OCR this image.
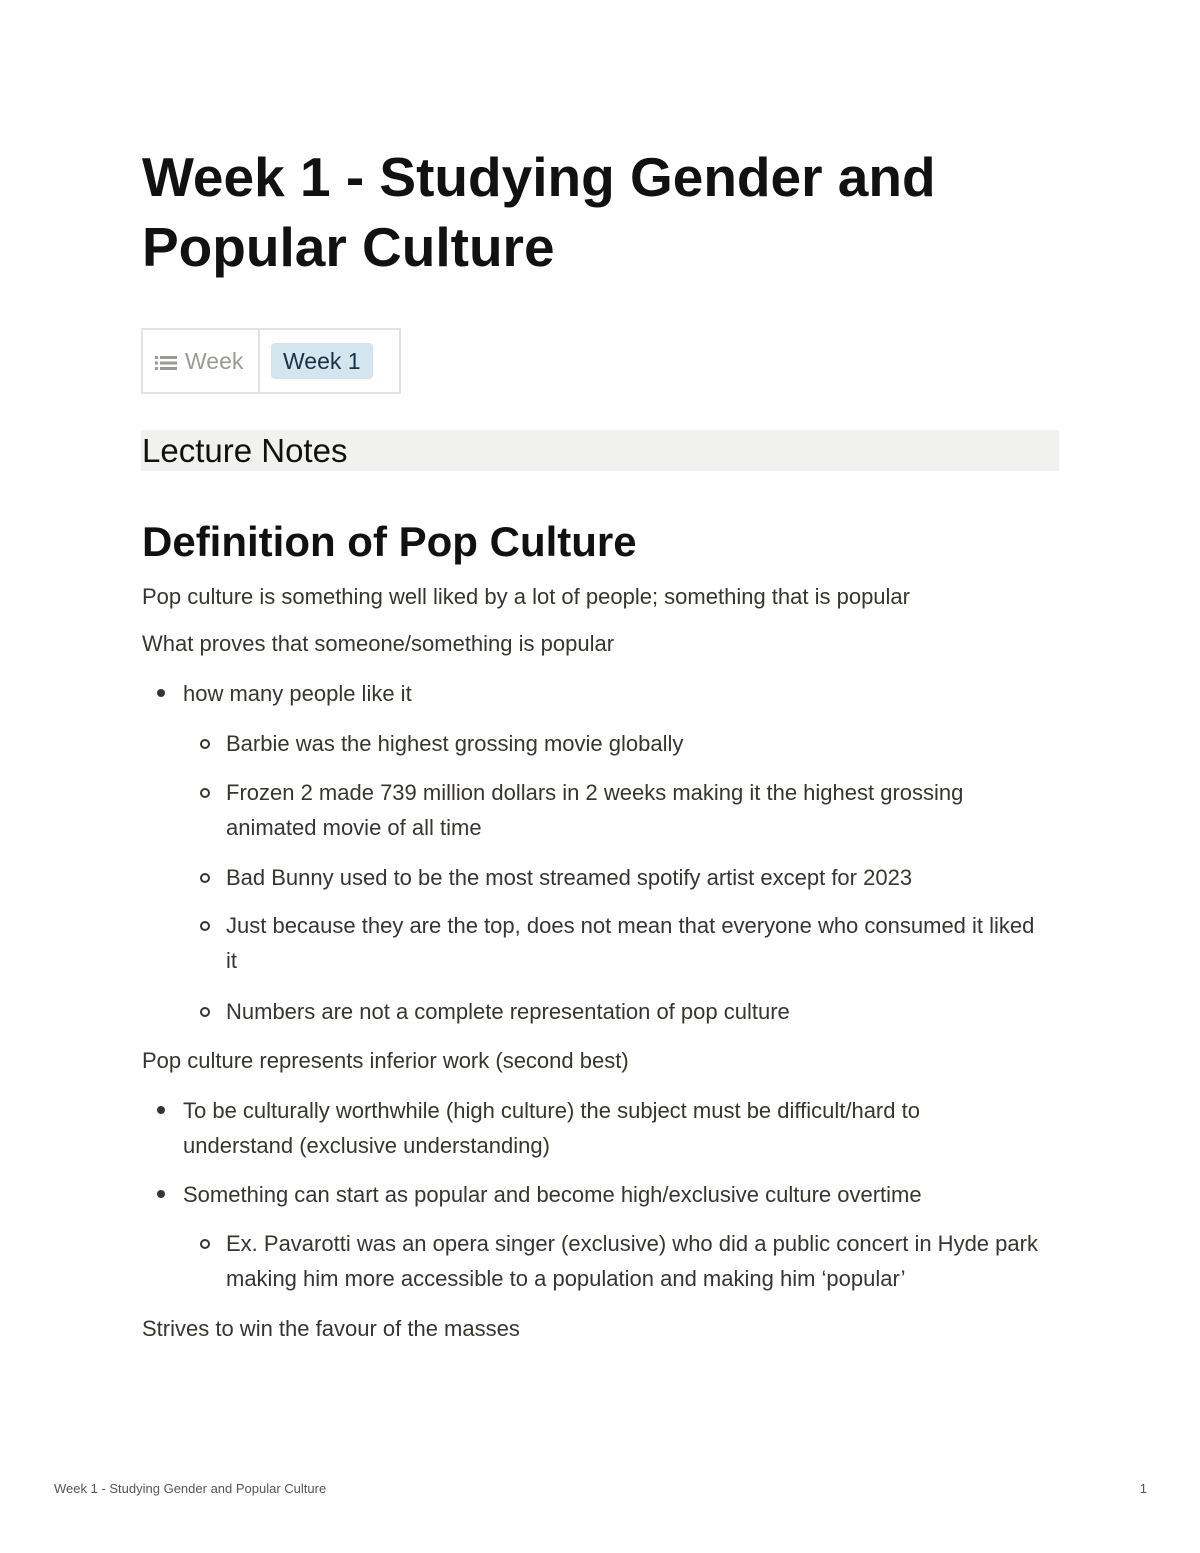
Week 1 - Studying Gender and Popular Culture
Week	Week 1
Lecture Notes
Definition of Pop Culture

Pop culture is something well liked by a lot of people; something that is popular

What proves that someone/something is popular

how many people like it
Barbie was the highest grossing movie globally
Frozen 2 made 739 million dollars in 2 weeks making it the highest grossing animated movie of all time
Bad Bunny used to be the most streamed spotify artist except for 2023
Just because they are the top, does not mean that everyone who consumed it liked it
Numbers are not a complete representation of pop culture

Pop culture represents inferior work (second best)

To be culturally worthwhile (high culture) the subject must be difficult/hard to understand (exclusive understanding)
Something can start as popular and become high/exclusive culture overtime
Ex. Pavarotti was an opera singer (exclusive) who did a public concert in Hyde park making him more accessible to a population and making him ‘popular’

Strives to win the favour of the masses

Week 1 - Studying Gender and Popular Culture	1
